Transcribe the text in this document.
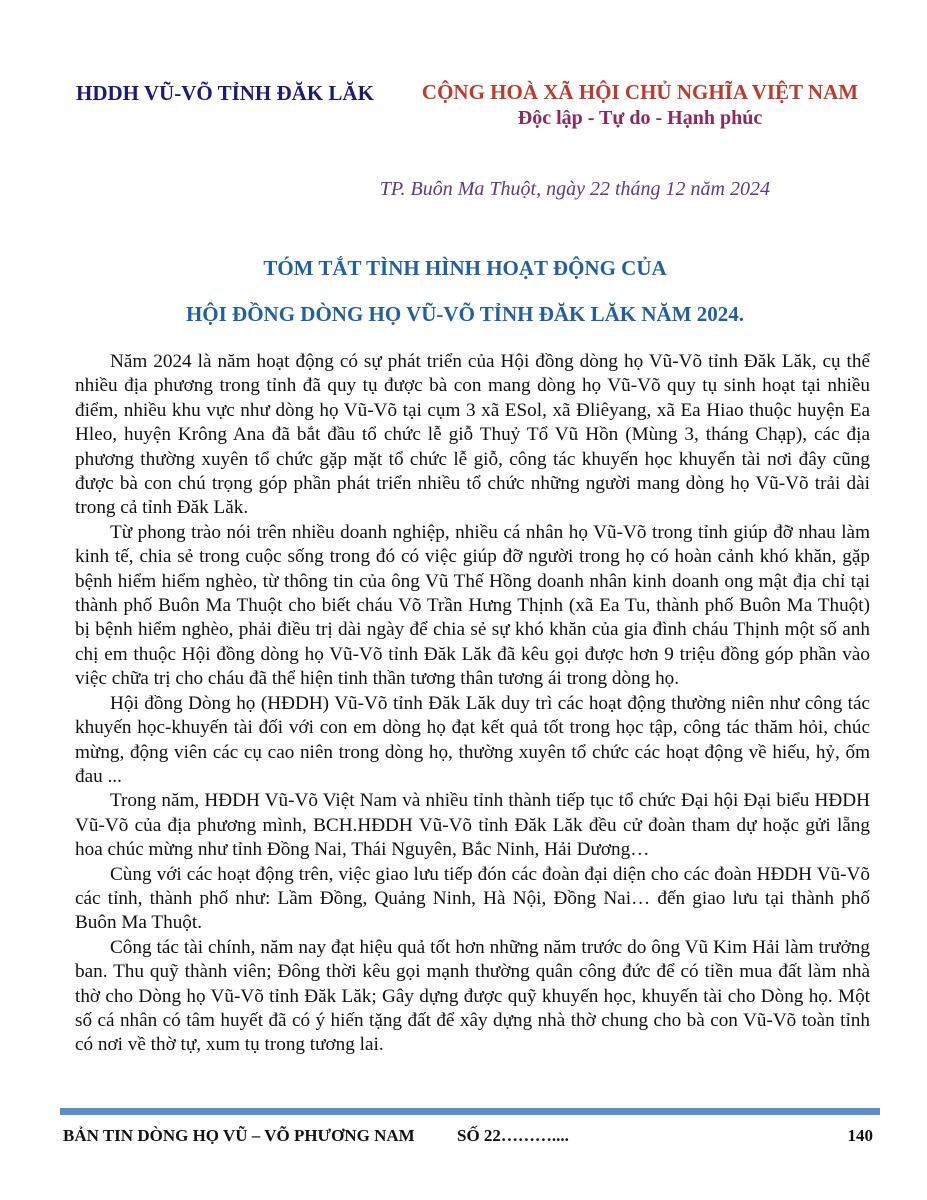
HDDH VŨ-VÕ TỈNH ĐĂK LĂK	CỘNG HOÀ XÃ HỘI CHỦ NGHĨA VIỆT NAM
Độc lập - Tự do - Hạnh phúc
TP. Buôn Ma Thuột, ngày 22 tháng 12 năm 2024
TÓM TẮT TÌNH HÌNH HOẠT ĐỘNG CỦA
HỘI ĐỒNG DÒNG HỌ VŨ-VÕ TỈNH ĐĂK LĂK NĂM 2024.

Năm 2024 là năm hoạt động có sự phát triển của Hội đồng dòng họ Vũ-Võ tỉnh Đăk Lăk, cụ thể nhiều địa phương trong tỉnh đã quy tụ được bà con mang dòng họ Vũ-Võ quy tụ sinh hoạt tại nhiều điểm, nhiều khu vực như dòng họ Vũ-Võ tại cụm 3 xã ESol, xã Đliêyang, xã Ea Hiao thuộc huyện Ea Hleo, huyện Krông Ana đã bắt đầu tổ chức lễ giỗ Thuỷ Tổ Vũ Hồn (Mùng 3, tháng Chạp), các địa phương thường xuyên tổ chức gặp mặt tổ chức lễ giỗ, công tác khuyến học khuyến tài nơi đây cũng được bà con chú trọng góp phần phát triển nhiều tổ chức những người mang dòng họ Vũ-Võ trải dài trong cả tỉnh Đăk Lăk.

Từ phong trào nói trên nhiều doanh nghiệp, nhiều cá nhân họ Vũ-Võ trong tỉnh giúp đỡ nhau làm kinh tế, chia sẻ trong cuộc sống trong đó có việc giúp đỡ người trong họ có hoàn cảnh khó khăn, gặp bệnh hiểm hiểm nghèo, từ thông tin của ông Vũ Thế Hồng doanh nhân kinh doanh ong mật địa chỉ tại thành phố Buôn Ma Thuột cho biết cháu Võ Trần Hưng Thịnh (xã Ea Tu, thành phố Buôn Ma Thuột) bị bệnh hiểm nghèo, phải điều trị dài ngày để chia sẻ sự khó khăn của gia đình cháu Thịnh một số anh chị em thuộc Hội đồng dòng họ Vũ-Võ tỉnh Đăk Lăk đã kêu gọi được hơn 9 triệu đồng góp phần vào việc chữa trị cho cháu đã thể hiện tinh thần tương thân tương ái trong dòng họ.

Hội đồng Dòng họ (HĐDH) Vũ-Võ tỉnh Đăk Lăk duy trì các hoạt động thường niên như công tác khuyến học-khuyến tài đối với con em dòng họ đạt kết quả tốt trong học tập, công tác thăm hỏi, chúc mừng, động viên các cụ cao niên trong dòng họ, thường xuyên tổ chức các hoạt động về hiếu, hỷ, ốm đau ...

Trong năm, HĐDH Vũ-Võ Việt Nam và nhiều tỉnh thành tiếp tục tổ chức Đại hội Đại biểu HĐDH Vũ-Võ của địa phương mình, BCH.HĐDH Vũ-Võ tỉnh Đăk Lăk đều cử đoàn tham dự hoặc gửi lẵng hoa chúc mừng như tỉnh Đồng Nai, Thái Nguyên, Bắc Ninh, Hải Dương…

Cùng với các hoạt động trên, việc giao lưu tiếp đón các đoàn đại diện cho các đoàn HĐDH Vũ-Võ các tỉnh, thành phố như: Lầm Đồng, Quảng Ninh, Hà Nội, Đồng Nai… đến giao lưu tại thành phố Buôn Ma Thuột.

Công tác tài chính, năm nay đạt hiệu quả tốt hơn những năm trước do ông Vũ Kim Hải làm trưởng ban. Thu quỹ thành viên; Đông thời kêu gọi mạnh thường quân công đức để có tiền mua đất làm nhà thờ cho Dòng họ Vũ-Võ tỉnh Đăk Lăk; Gây dựng được quỹ khuyến học, khuyến tài cho Dòng họ. Một số cá nhân có tâm huyết đã có ý hiến tặng đất để xây dựng nhà thờ chung cho bà con Vũ-Võ toàn tỉnh có nơi về thờ tự, xum tụ trong tương lai.

BẢN TIN DÒNG HỌ VŨ – VÕ PHƯƠNG NAM SỐ 22………....	140
